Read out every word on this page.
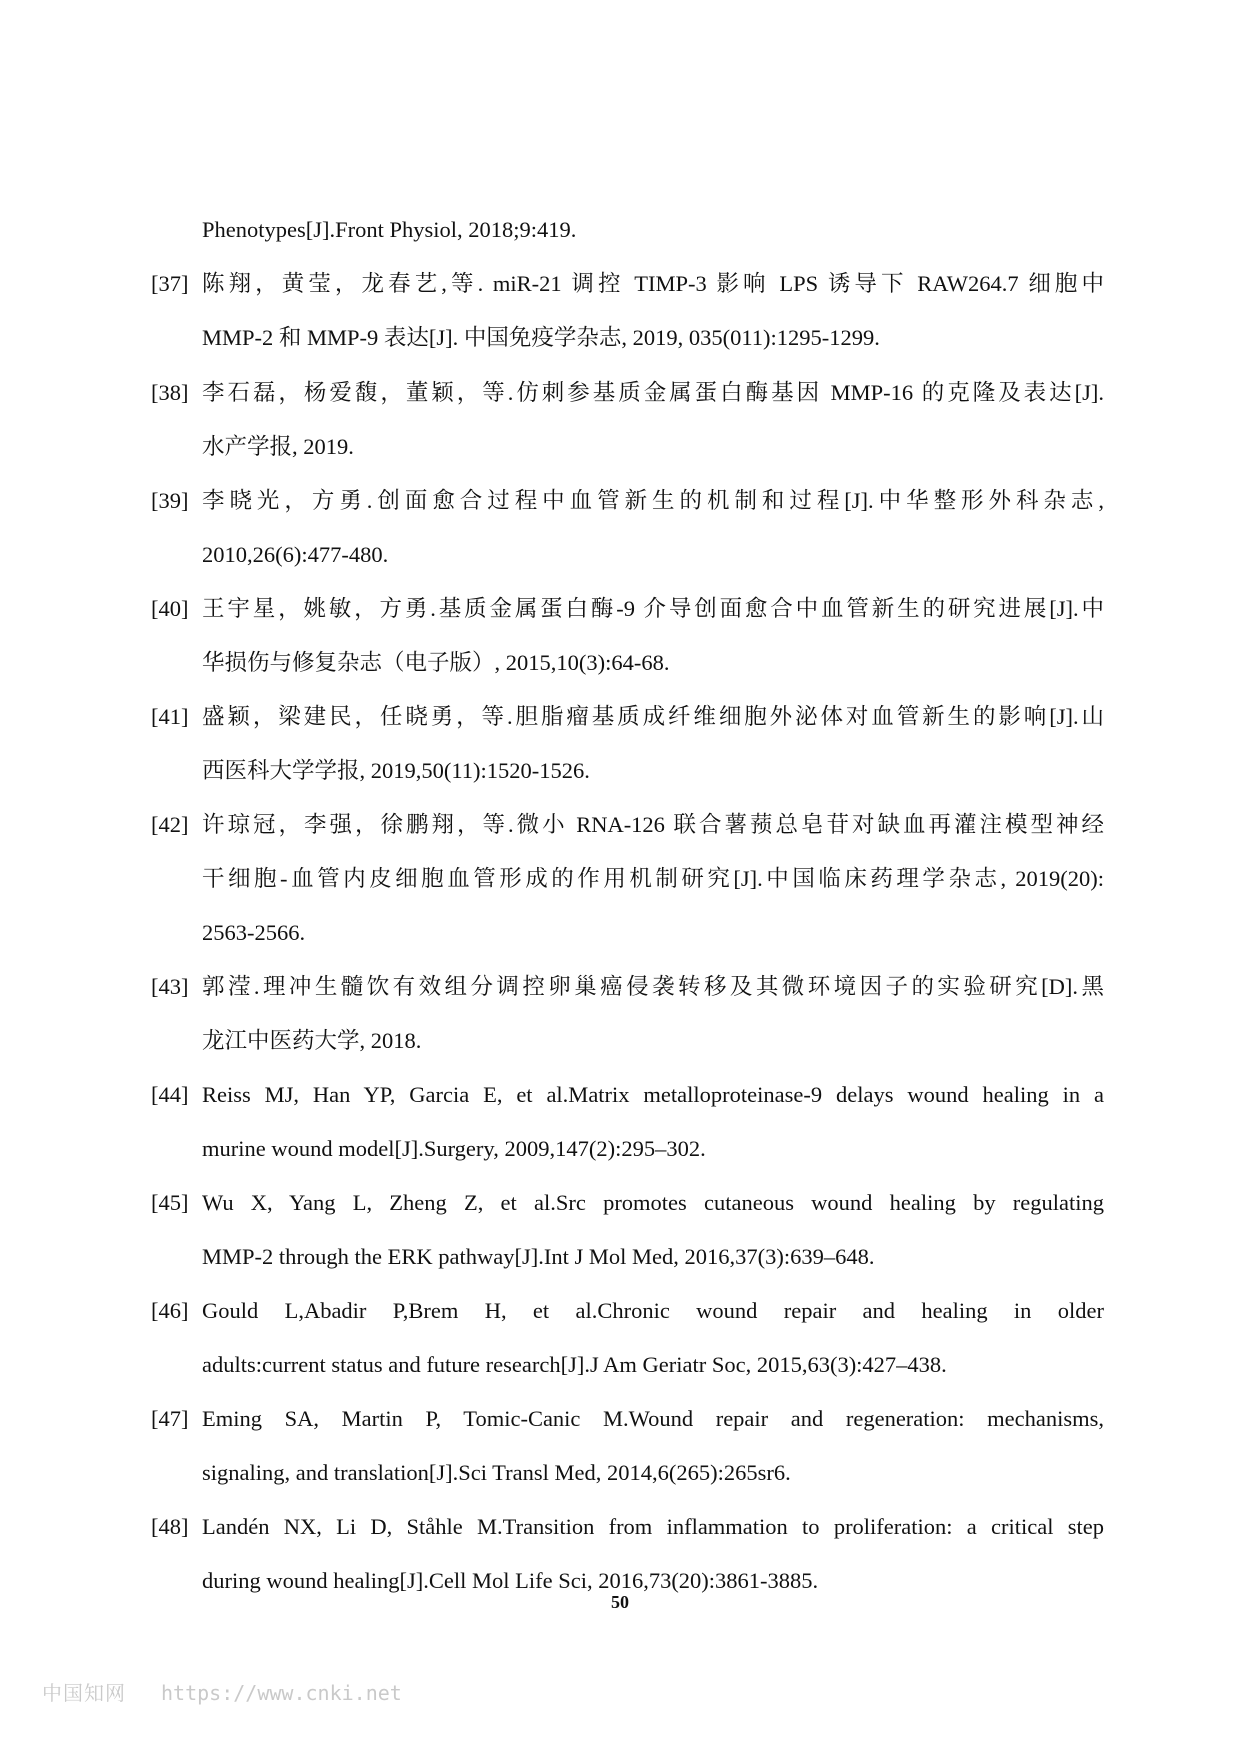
Phenotypes[J].Front Physiol, 2018;9:419.
[37] 陈翔，黄莹，龙春艺,等. miR-21 调控 TIMP-3 影响 LPS 诱导下 RAW264.7 细胞中
MMP-2 和 MMP-9 表达[J]. 中国免疫学杂志, 2019, 035(011):1295-1299.
[38] 李石磊，杨爱馥，董颖，等.仿刺参基质金属蛋白酶基因 MMP-16 的克隆及表达[J].
水产学报, 2019.
[39] 李晓光，方勇.创面愈合过程中血管新生的机制和过程[J].中华整形外科杂志,
2010,26(6):477-480.
[40] 王宇星，姚敏，方勇.基质金属蛋白酶-9 介导创面愈合中血管新生的研究进展[J].中
华损伤与修复杂志（电子版）, 2015,10(3):64-68.
[41] 盛颖，梁建民，任晓勇，等.胆脂瘤基质成纤维细胞外泌体对血管新生的影响[J].山
西医科大学学报, 2019,50(11):1520-1526.
[42] 许琼冠，李强，徐鹏翔，等.微小 RNA-126 联合薯蓣总皂苷对缺血再灌注模型神经
干细胞-血管内皮细胞血管形成的作用机制研究[J].中国临床药理学杂志, 2019(20):
2563-2566.
[43] 郭滢.理冲生髓饮有效组分调控卵巢癌侵袭转移及其微环境因子的实验研究[D].黑
龙江中医药大学, 2018.
[44] Reiss MJ, Han YP, Garcia E, et al.Matrix metalloproteinase-9 delays wound healing in a
murine wound model[J].Surgery, 2009,147(2):295–302.
[45] Wu X, Yang L, Zheng Z, et al.Src promotes cutaneous wound healing by regulating
MMP-2 through the ERK pathway[J].Int J Mol Med, 2016,37(3):639–648.
[46] Gould L,Abadir P,Brem H, et al.Chronic wound repair and healing in older
adults:current status and future research[J].J Am Geriatr Soc, 2015,63(3):427–438.
[47] Eming SA, Martin P, Tomic-Canic M.Wound repair and regeneration: mechanisms,
signaling, and translation[J].Sci Transl Med, 2014,6(265):265sr6.
[48] Landén NX, Li D, Ståhle M.Transition from inflammation to proliferation: a critical step
during wound healing[J].Cell Mol Life Sci, 2016,73(20):3861-3885.
50
中国知网 https://www.cnki.net
